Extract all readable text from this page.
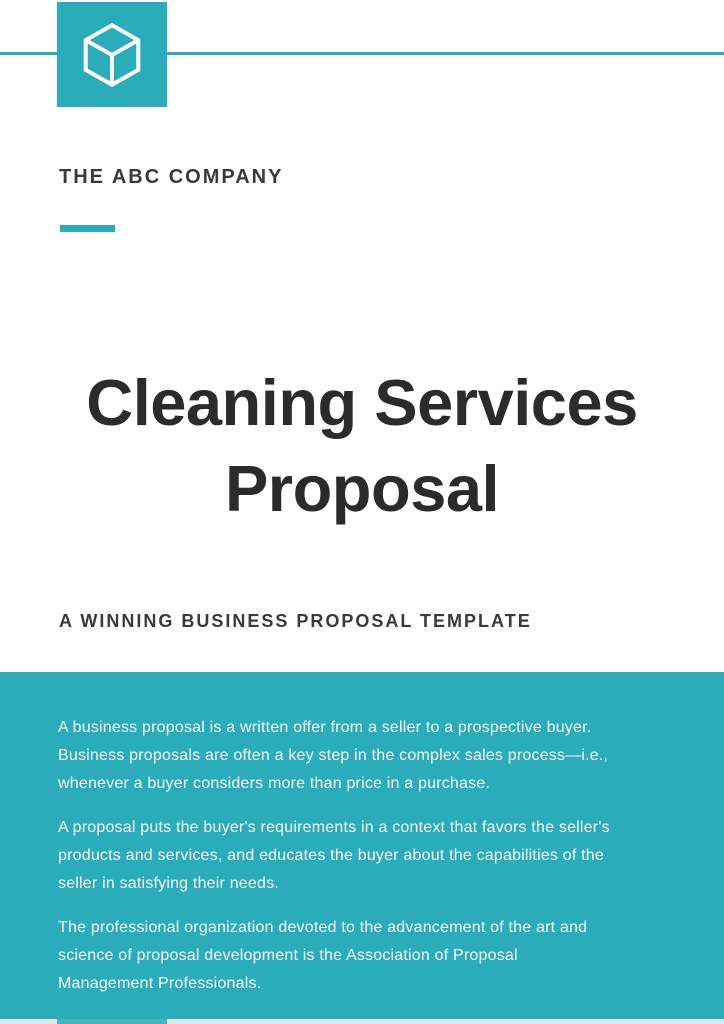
THE ABC COMPANY
Cleaning Services Proposal
A WINNING BUSINESS PROPOSAL TEMPLATE
A business proposal is a written offer from a seller to a prospective buyer.
Business proposals are often a key step in the complex sales process—i.e.,
whenever a buyer considers more than price in a purchase.
A proposal puts the buyer's requirements in a context that favors the seller's
products and services, and educates the buyer about the capabilities of the
seller in satisfying their needs.
The professional organization devoted to the advancement of the art and
science of proposal development is the Association of Proposal
Management Professionals.
